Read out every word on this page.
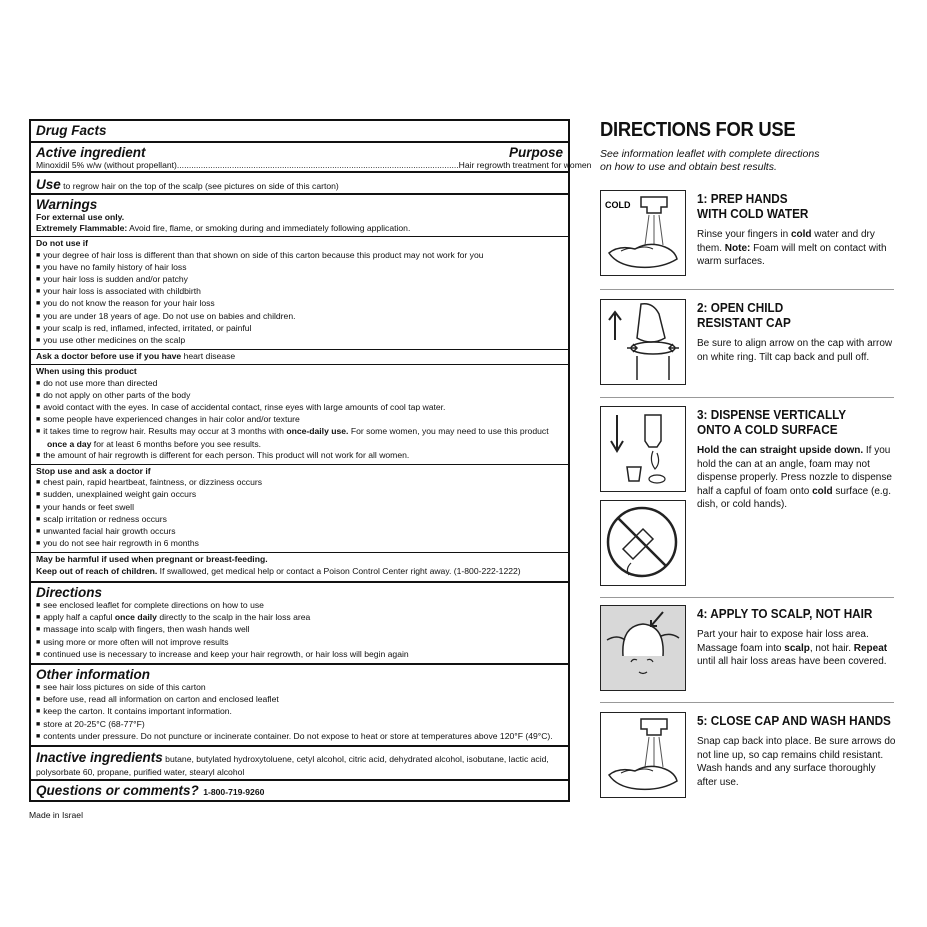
Drug Facts
Active ingredient	Purpose
Minoxidil 5% w/w (without propellant) ...................................................................................................................... Hair regrowth treatment for women
Use to regrow hair on the top of the scalp (see pictures on side of this carton)
Warnings
For external use only.
Extremely Flammable: Avoid fire, flame, or smoking during and immediately following application.
Do not use if
■ your degree of hair loss is different than that shown on side of this carton because this product may not work for you
■ you have no family history of hair loss
■ your hair loss is sudden and/or patchy
■ your hair loss is associated with childbirth
■ you do not know the reason for your hair loss
■ you are under 18 years of age. Do not use on babies and children.
■ your scalp is red, inflamed, infected, irritated, or painful
■ you use other medicines on the scalp
Ask a doctor before use if you have heart disease
When using this product
■ do not use more than directed
■ do not apply on other parts of the body
■ avoid contact with the eyes. In case of accidental contact, rinse eyes with large amounts of cool tap water.
■ some people have experienced changes in hair color and/or texture
■ it takes time to regrow hair. Results may occur at 3 months with once-daily use. For some women, you may need to use this product
once a day for at least 6 months before you see results.
■ the amount of hair regrowth is different for each person. This product will not work for all women.
Stop use and ask a doctor if
■ chest pain, rapid heartbeat, faintness, or dizziness occurs
■ sudden, unexplained weight gain occurs
■ your hands or feet swell
■ scalp irritation or redness occurs
■ unwanted facial hair growth occurs
■ you do not see hair regrowth in 6 months
May be harmful if used when pregnant or breast-feeding.
Keep out of reach of children. If swallowed, get medical help or contact a Poison Control Center right away. (1-800-222-1222)
Directions
■ see enclosed leaflet for complete directions on how to use
■ apply half a capful once daily directly to the scalp in the hair loss area
■ massage into scalp with fingers, then wash hands well
■ using more or more often will not improve results
■ continued use is necessary to increase and keep your hair regrowth, or hair loss will begin again
Other information
■ see hair loss pictures on side of this carton
■ before use, read all information on carton and enclosed leaflet
■ keep the carton. It contains important information.
■ store at 20-25°C (68-77°F)
■ contents under pressure. Do not puncture or incinerate container. Do not expose to heat or store at temperatures above 120°F (49°C).
Inactive ingredients butane, butylated hydroxytoluene, cetyl alcohol, citric acid, dehydrated alcohol, isobutane, lactic acid,
polysorbate 60, propane, purified water, stearyl alcohol
Questions or comments? 1-800-719-9260
Made in Israel
DIRECTIONS FOR USE
See information leaflet with complete directions
on how to use and obtain best results.
COLD	1: PREP HANDS
WITH COLD WATER
Rinse your fingers in cold water and dry them. Note: Foam will melt on contact with warm surfaces.
2: OPEN CHILD
RESISTANT CAP
Be sure to align arrow on the cap with arrow on white ring. Tilt cap back and pull off.
3: DISPENSE VERTICALLY
ONTO A COLD SURFACE
Hold the can straight upside down. If you hold the can at an angle, foam may not dispense properly. Press nozzle to dispense half a capful of foam onto cold surface (e.g. dish, or cold hands).
4: APPLY TO SCALP, NOT HAIR
Part your hair to expose hair loss area. Massage foam into scalp, not hair. Repeat until all hair loss areas have been covered.
5: CLOSE CAP AND WASH HANDS
Snap cap back into place. Be sure arrows do not line up, so cap remains child resistant. Wash hands and any surface thoroughly after use.
